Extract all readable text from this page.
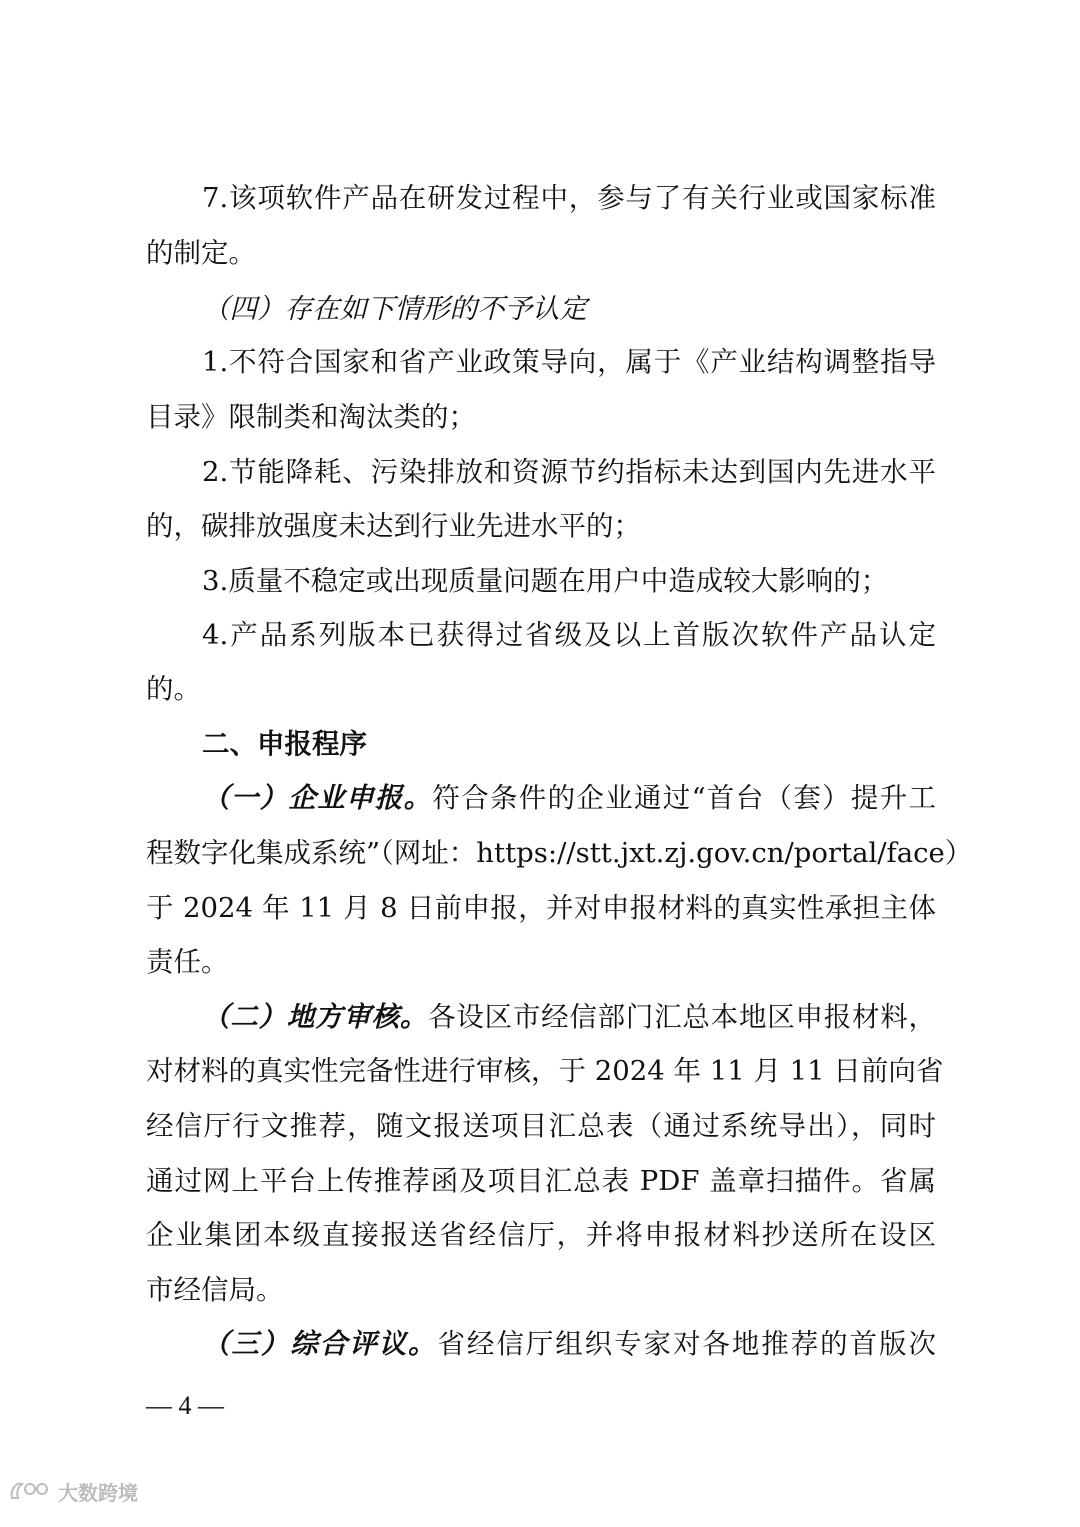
7.该项软件产品在研发过程中，参与了有关行业或国家标准
的制定。
（四）存在如下情形的不予认定
1.不符合国家和省产业政策导向，属于《产业结构调整指导
目录》限制类和淘汰类的；
2.节能降耗、污染排放和资源节约指标未达到国内先进水平
的，碳排放强度未达到行业先进水平的；
3.质量不稳定或出现质量问题在用户中造成较大影响的；
4.产品系列版本已获得过省级及以上首版次软件产品认定
的。
二、申报程序
（一）企业申报。符合条件的企业通过“首台（套）提升工
程数字化集成系统”（网址：https://stt.jxt.zj.gov.cn/portal/face）
于 2024 年 11 月 8 日前申报，并对申报材料的真实性承担主体
责任。
（二）地方审核。各设区市经信部门汇总本地区申报材料，
对材料的真实性完备性进行审核，于 2024 年 11 月 11 日前向省
经信厅行文推荐，随文报送项目汇总表（通过系统导出），同时
通过网上平台上传推荐函及项目汇总表 PDF 盖章扫描件。省属
企业集团本级直接报送省经信厅，并将申报材料抄送所在设区
市经信局。
（三）综合评议。省经信厅组织专家对各地推荐的首版次
— 4 —
大数跨境
